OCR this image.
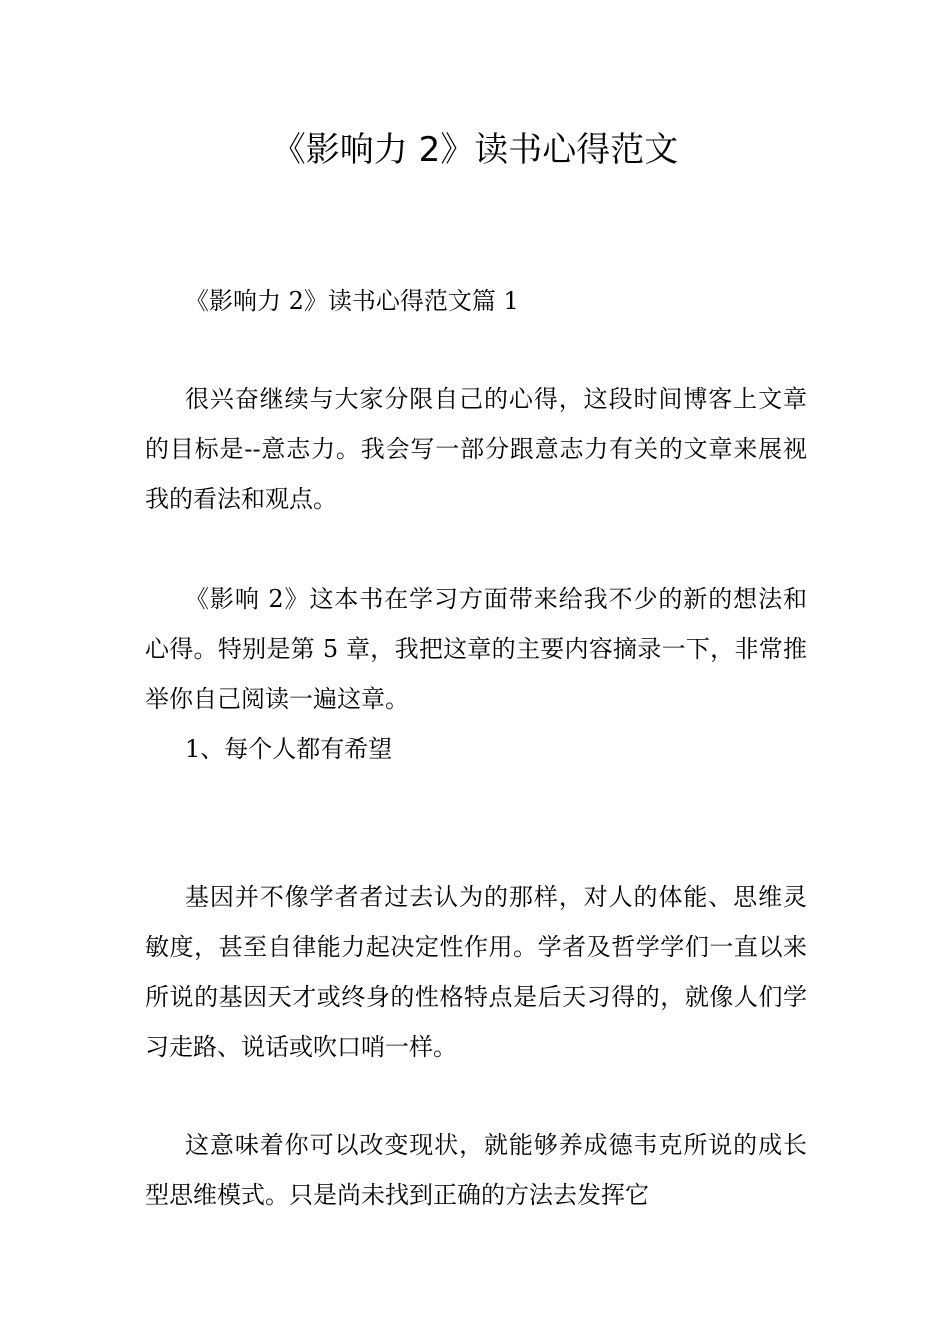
《影响力 2》读书心得范文

《影响力 2》读书心得范文篇 1

很兴奋继续与大家分限自己的心得，这段时间博客上文章的目标是--意志力。我会写一部分跟意志力有关的文章来展视我的看法和观点。

《影响 2》这本书在学习方面带来给我不少的新的想法和心得。特别是第 5 章，我把这章的主要内容摘录一下，非常推举你自己阅读一遍这章。

1、每个人都有希望

基因并不像学者者过去认为的那样，对人的体能、思维灵敏度，甚至自律能力起决定性作用。学者及哲学学们一直以来所说的基因天才或终身的性格特点是后天习得的，就像人们学习走路、说话或吹口哨一样。

这意味着你可以改变现状，就能够养成德韦克所说的成长型思维模式。只是尚未找到正确的方法去发挥它
